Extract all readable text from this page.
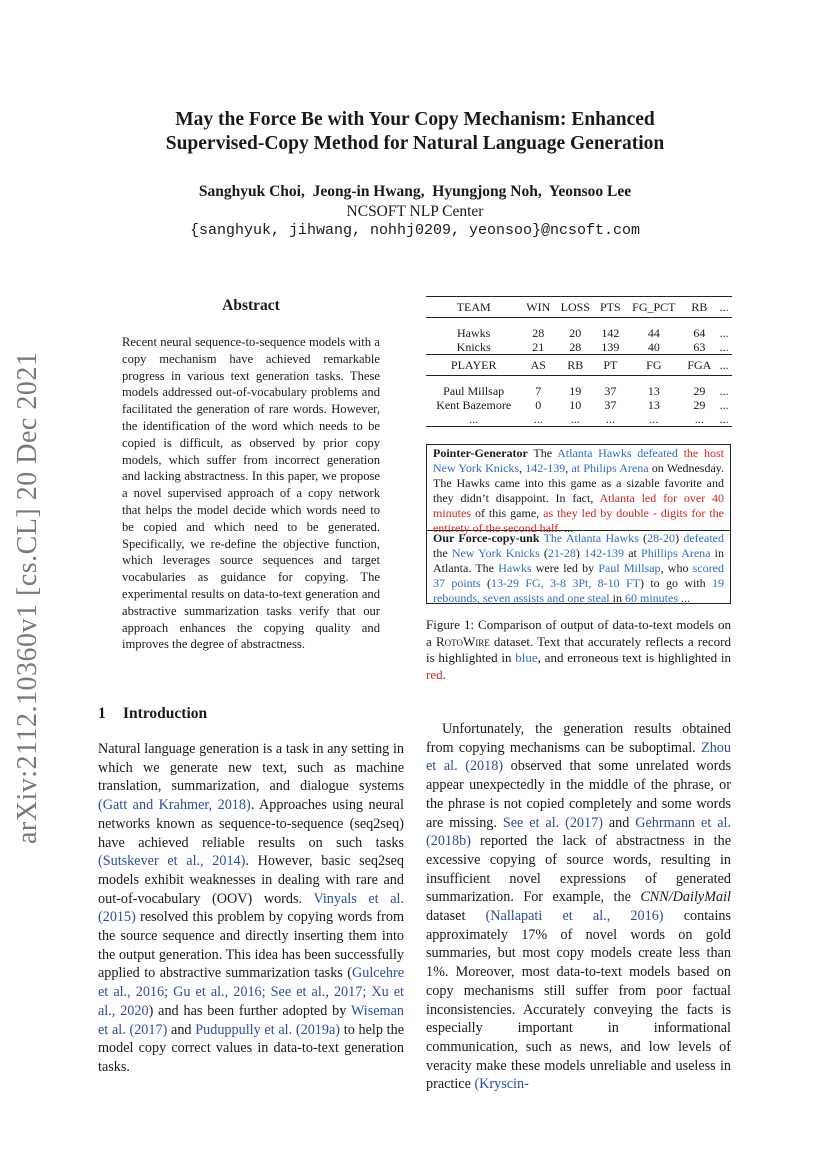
arXiv:2112.10360v1 [cs.CL] 20 Dec 2021
May the Force Be with Your Copy Mechanism: Enhanced
Supervised-Copy Method for Natural Language Generation
Sanghyuk Choi,  Jeong-in Hwang,  Hyungjong Noh,  Yeonsoo Lee
NCSOFT NLP Center
{sanghyuk, jihwang, nohhj0209, yeonsoo}@ncsoft.com
Abstract
Recent neural sequence-to-sequence models with a copy mechanism have achieved remarkable progress in various text generation tasks. These models addressed out-of-vocabulary problems and facilitated the generation of rare words. However, the identification of the word which needs to be copied is difficult, as observed by prior copy models, which suffer from incorrect generation and lacking abstractness. In this paper, we propose a novel supervised approach of a copy network that helps the model decide which words need to be copied and which need to be generated. Specifically, we re-define the objective function, which leverages source sequences and target vocabularies as guidance for copying. The experimental results on data-to-text generation and abstractive summarization tasks verify that our approach enhances the copying quality and improves the degree of abstractness.
1 Introduction
Natural language generation is a task in any setting in which we generate new text, such as machine translation, summarization, and dialogue systems (Gatt and Krahmer, 2018). Approaches using neural networks known as sequence-to-sequence (seq2seq) have achieved reliable results on such tasks (Sutskever et al., 2014). However, basic seq2seq models exhibit weaknesses in dealing with rare and out-of-vocabulary (OOV) words. Vinyals et al. (2015) resolved this problem by copying words from the source sequence and directly inserting them into the output generation. This idea has been successfully applied to abstractive summarization tasks (Gulcehre et al., 2016; Gu et al., 2016; See et al., 2017; Xu et al., 2020) and has been further adopted by Wiseman et al. (2017) and Puduppully et al. (2019a) to help the model copy correct values in data-to-text generation tasks.
Unfortunately, the generation results obtained from copying mechanisms can be suboptimal. Zhou et al. (2018) observed that some unrelated words appear unexpectedly in the middle of the phrase, or the phrase is not copied completely and some words are missing. See et al. (2017) and Gehrmann et al. (2018b) reported the lack of abstractness in the excessive copying of source words, resulting in insufficient novel expressions of generated summarization. For example, the CNN/DailyMail dataset (Nallapati et al., 2016) contains approximately 17% of novel words on gold summaries, but most copy models create less than 1%. Moreover, most data-to-text models based on copy mechanisms still suffer from poor factual inconsistencies. Accurately conveying the facts is especially important in informational communication, such as news, and low levels of veracity make these models unreliable and useless in practice (Kryscin-
TEAM	WIN	LOSS	PTS	FG_PCT	RB	...

Hawks	28	20	142	44	64	...
Knicks	21	28	139	40	63	...
PLAYER	AS	RB	PT	FG	FGA	...

Paul Millsap	7	19	37	13	29	...
Kent Bazemore	0	10	37	13	29	...
...	...	...	...	...	...	...
Pointer-Generator The Atlanta Hawks defeated the host New York Knicks, 142-139, at Philips Arena on Wednesday. The Hawks came into this game as a sizable favorite and they didn’t disappoint. In fact, Atlanta led for over 40 minutes of this game, as they led by double - digits for the entirety of the second half. ...
Our Force-copy-unk The Atlanta Hawks (28-20) defeated the New York Knicks (21-28) 142-139 at Phillips Arena in Atlanta. The Hawks were led by Paul Millsap, who scored 37 points (13-29 FG, 3-8 3Pt, 8-10 FT) to go with 19 rebounds, seven assists and one steal in 60 minutes ...
Figure 1: Comparison of output of data-to-text models on a RotoWire dataset. Text that accurately reflects a record is highlighted in blue, and erroneous text is highlighted in red.
